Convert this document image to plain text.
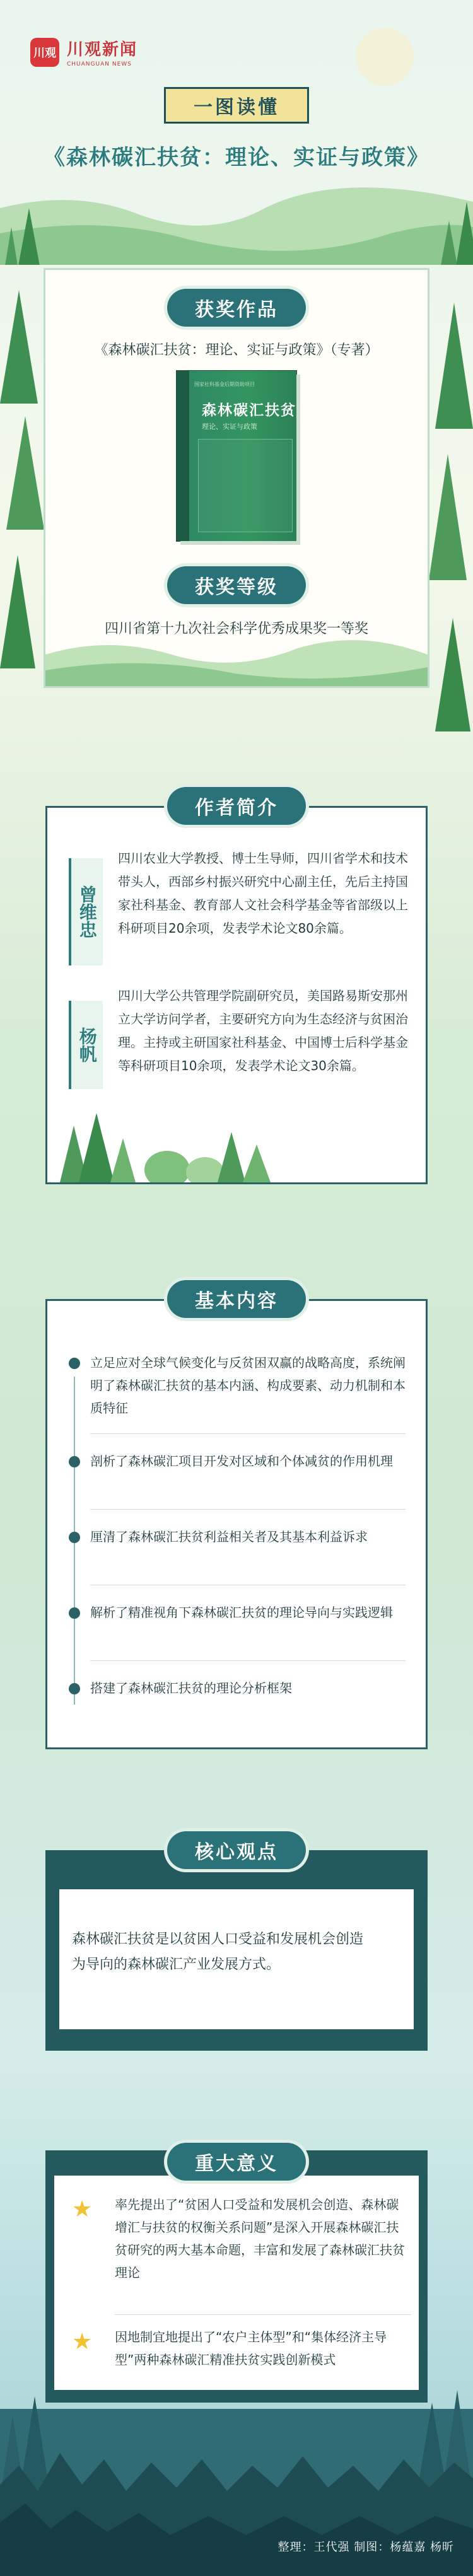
川观 川观新闻
CHUANGUAN NEWS
一图读懂
《森林碳汇扶贫：理论、实证与政策》
获奖作品
《森林碳汇扶贫：理论、实证与政策》（专著）
国家社科基金后期资助项目
森林碳汇扶贫
理论、实证与政策
获奖等级
四川省第十九次社会科学优秀成果奖一等奖
作者简介
曾维忠
四川农业大学教授、博士生导师，四川省学术和技术带头人，西部乡村振兴研究中心副主任，先后主持国家社科基金、教育部人文社会科学基金等省部级以上科研项目20余项，发表学术论文80余篇。
杨帆
四川大学公共管理学院副研究员，美国路易斯安那州立大学访问学者，主要研究方向为生态经济与贫困治理。主持或主研国家社科基金、中国博士后科学基金等科研项目10余项，发表学术论文30余篇。
基本内容
立足应对全球气候变化与反贫困双赢的战略高度，系统阐明了森林碳汇扶贫的基本内涵、构成要素、动力机制和本质特征
剖析了森林碳汇项目开发对区域和个体减贫的作用机理
厘清了森林碳汇扶贫利益相关者及其基本利益诉求
解析了精准视角下森林碳汇扶贫的理论导向与实践逻辑
搭建了森林碳汇扶贫的理论分析框架
森林碳汇扶贫是以贫困人口受益和发展机会创造为导向的森林碳汇产业发展方式。
核心观点
★ 率先提出了“贫困人口受益和发展机会创造、森林碳增汇与扶贫的权衡关系问题”是深入开展森林碳汇扶贫研究的两大基本命题，丰富和发展了森林碳汇扶贫理论
★ 因地制宜地提出了“农户主体型”和“集体经济主导型”两种森林碳汇精准扶贫实践创新模式
重大意义
整理：王代强 制图：杨蕴嘉 杨昕
